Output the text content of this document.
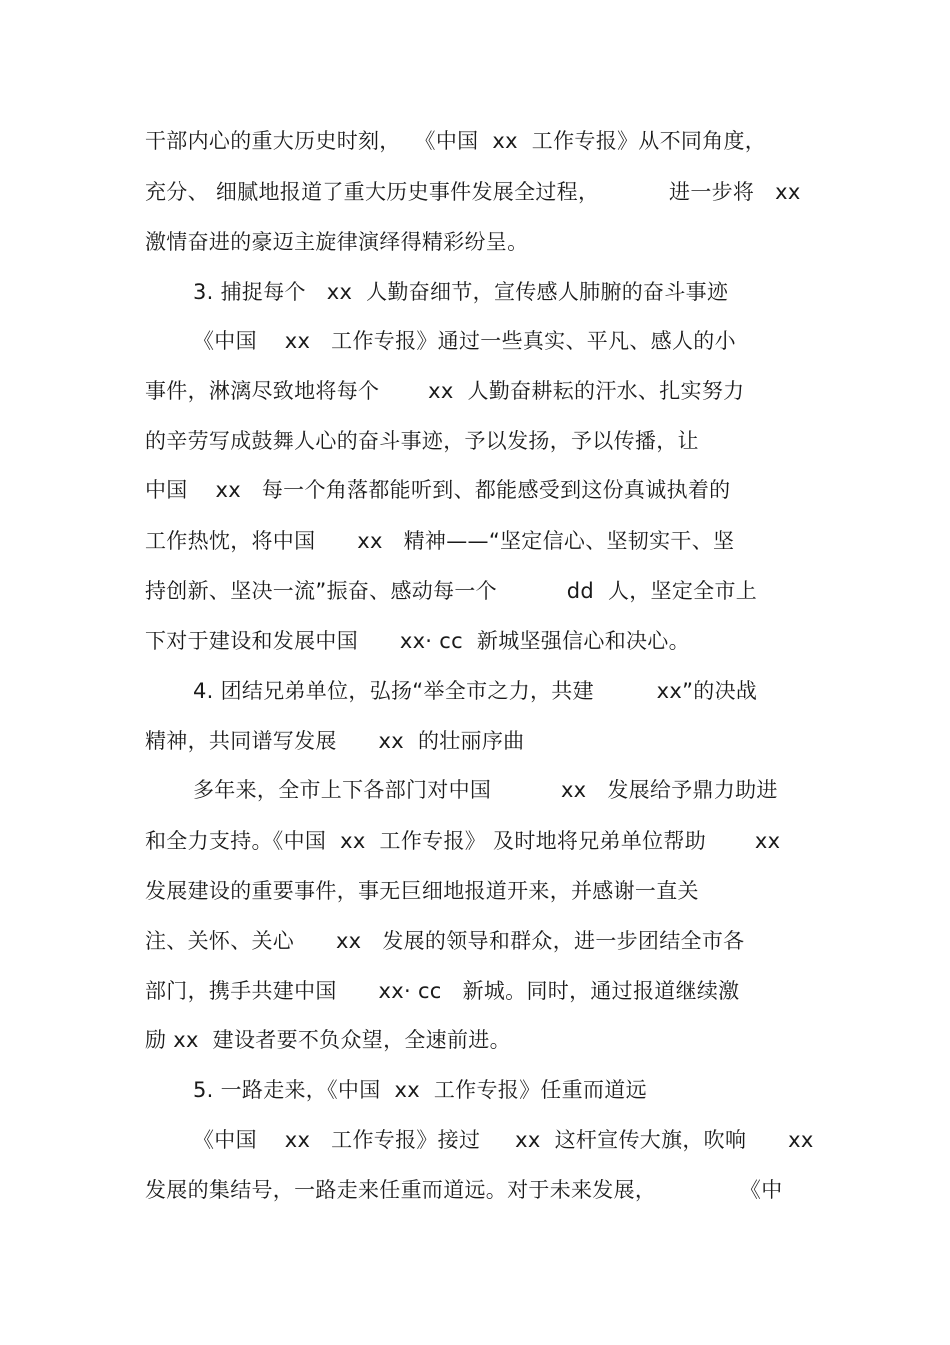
干部内心的重大历史时刻，  《中国  xx  工作专报》从不同角度，
充分、 细腻地报道了重大历史事件发展全过程，          进一步将   xx
激情奋进的豪迈主旋律演绎得精彩纷呈。
3. 捕捉每个   xx  人勤奋细节，宣传感人肺腑的奋斗事迹
《中国    xx   工作专报》通过一些真实、平凡、感人的小
事件，淋漓尽致地将每个       xx  人勤奋耕耘的汗水、扎实努力
的辛劳写成鼓舞人心的奋斗事迹，予以发扬，予以传播，让
中国    xx   每一个角落都能听到、都能感受到这份真诚执着的
工作热忱，将中国      xx   精神——“坚定信心、坚韧实干、坚
持创新、坚决一流”振奋、感动每一个          dd  人，坚定全市上
下对于建设和发展中国      xx· cc  新城坚强信心和决心。
4. 团结兄弟单位，弘扬“举全市之力，共建         xx”的决战
精神，共同谱写发展      xx  的壮丽序曲
多年来，全市上下各部门对中国          xx   发展给予鼎力助进
和全力支持。《中国  xx  工作专报》 及时地将兄弟单位帮助       xx
发展建设的重要事件，事无巨细地报道开来，并感谢一直关
注、关怀、关心      xx   发展的领导和群众，进一步团结全市各
部门，携手共建中国      xx· cc   新城。同时，通过报道继续激
励 xx  建设者要不负众望，全速前进。
5. 一路走来，《中国  xx  工作专报》任重而道远
《中国    xx   工作专报》接过     xx  这杆宣传大旗，吹响      xx
发展的集结号，一路走来任重而道远。对于未来发展，            《中
